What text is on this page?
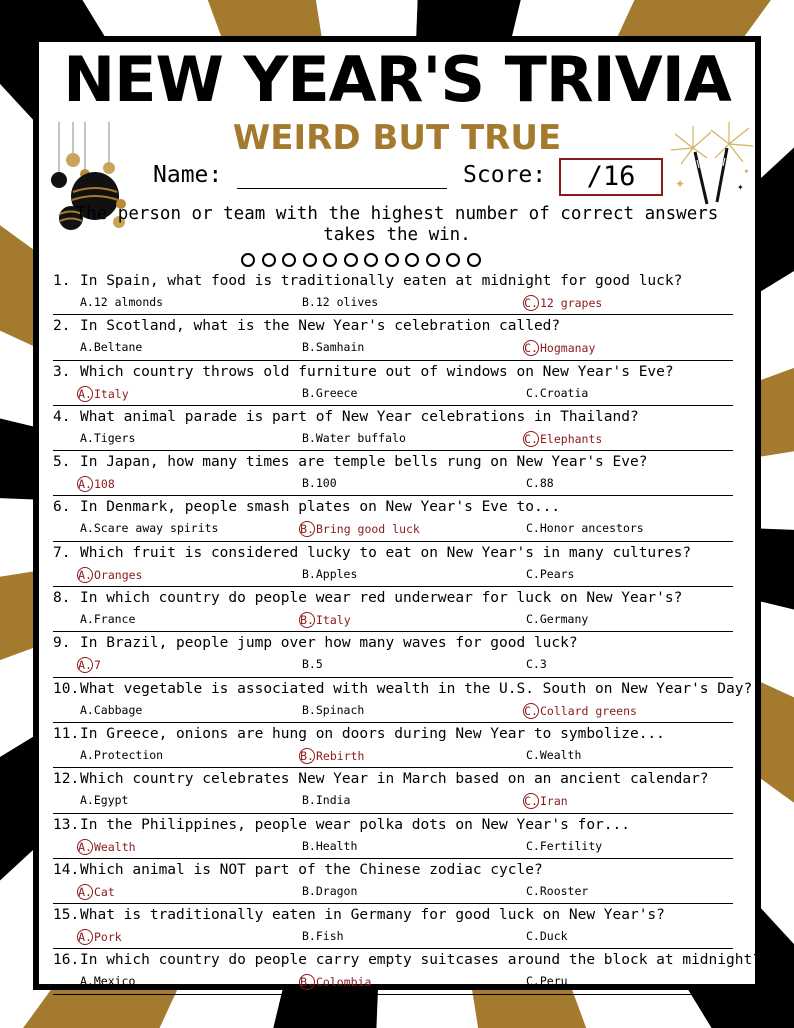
✦	✦
✦
NEW YEAR'S TRIVIA
WEIRD BUT TRUE
Name:	Score:	/16
The person or team with the highest number of correct answers takes the win.
1. In Spain, what food is traditionally eaten at midnight for good luck?
A.12 almonds	B.12 olives	C. 12 grapes
2. In Scotland, what is the New Year's celebration called?
A.Beltane	B.Samhain	C. Hogmanay
3. Which country throws old furniture out of windows on New Year's Eve?
A. Italy	B.Greece	C.Croatia
4. What animal parade is part of New Year celebrations in Thailand?
A.Tigers	B.Water buffalo	C. Elephants
5. In Japan, how many times are temple bells rung on New Year's Eve?
A. 108	B.100	C.88
6. In Denmark, people smash plates on New Year's Eve to...
A.Scare away spirits	B. Bring good luck	C.Honor ancestors
7. Which fruit is considered lucky to eat on New Year's in many cultures?
A. Oranges	B.Apples	C.Pears
8. In which country do people wear red underwear for luck on New Year's?
A.France	B. Italy	C.Germany
9. In Brazil, people jump over how many waves for good luck?
A. 7	B.5	C.3
10. What vegetable is associated with wealth in the U.S. South on New Year's Day?
A.Cabbage	B.Spinach	C. Collard greens
11. In Greece, onions are hung on doors during New Year to symbolize...
A.Protection	B. Rebirth	C.Wealth
12. Which country celebrates New Year in March based on an ancient calendar?
A.Egypt	B.India	C. Iran
13. In the Philippines, people wear polka dots on New Year's for...
A. Wealth	B.Health	C.Fertility
14. Which animal is NOT part of the Chinese zodiac cycle?
A. Cat	B.Dragon	C.Rooster
15. What is traditionally eaten in Germany for good luck on New Year's?
A. Pork	B.Fish	C.Duck
16. In which country do people carry empty suitcases around the block at midnight?
A.Mexico	B. Colombia	C.Peru
